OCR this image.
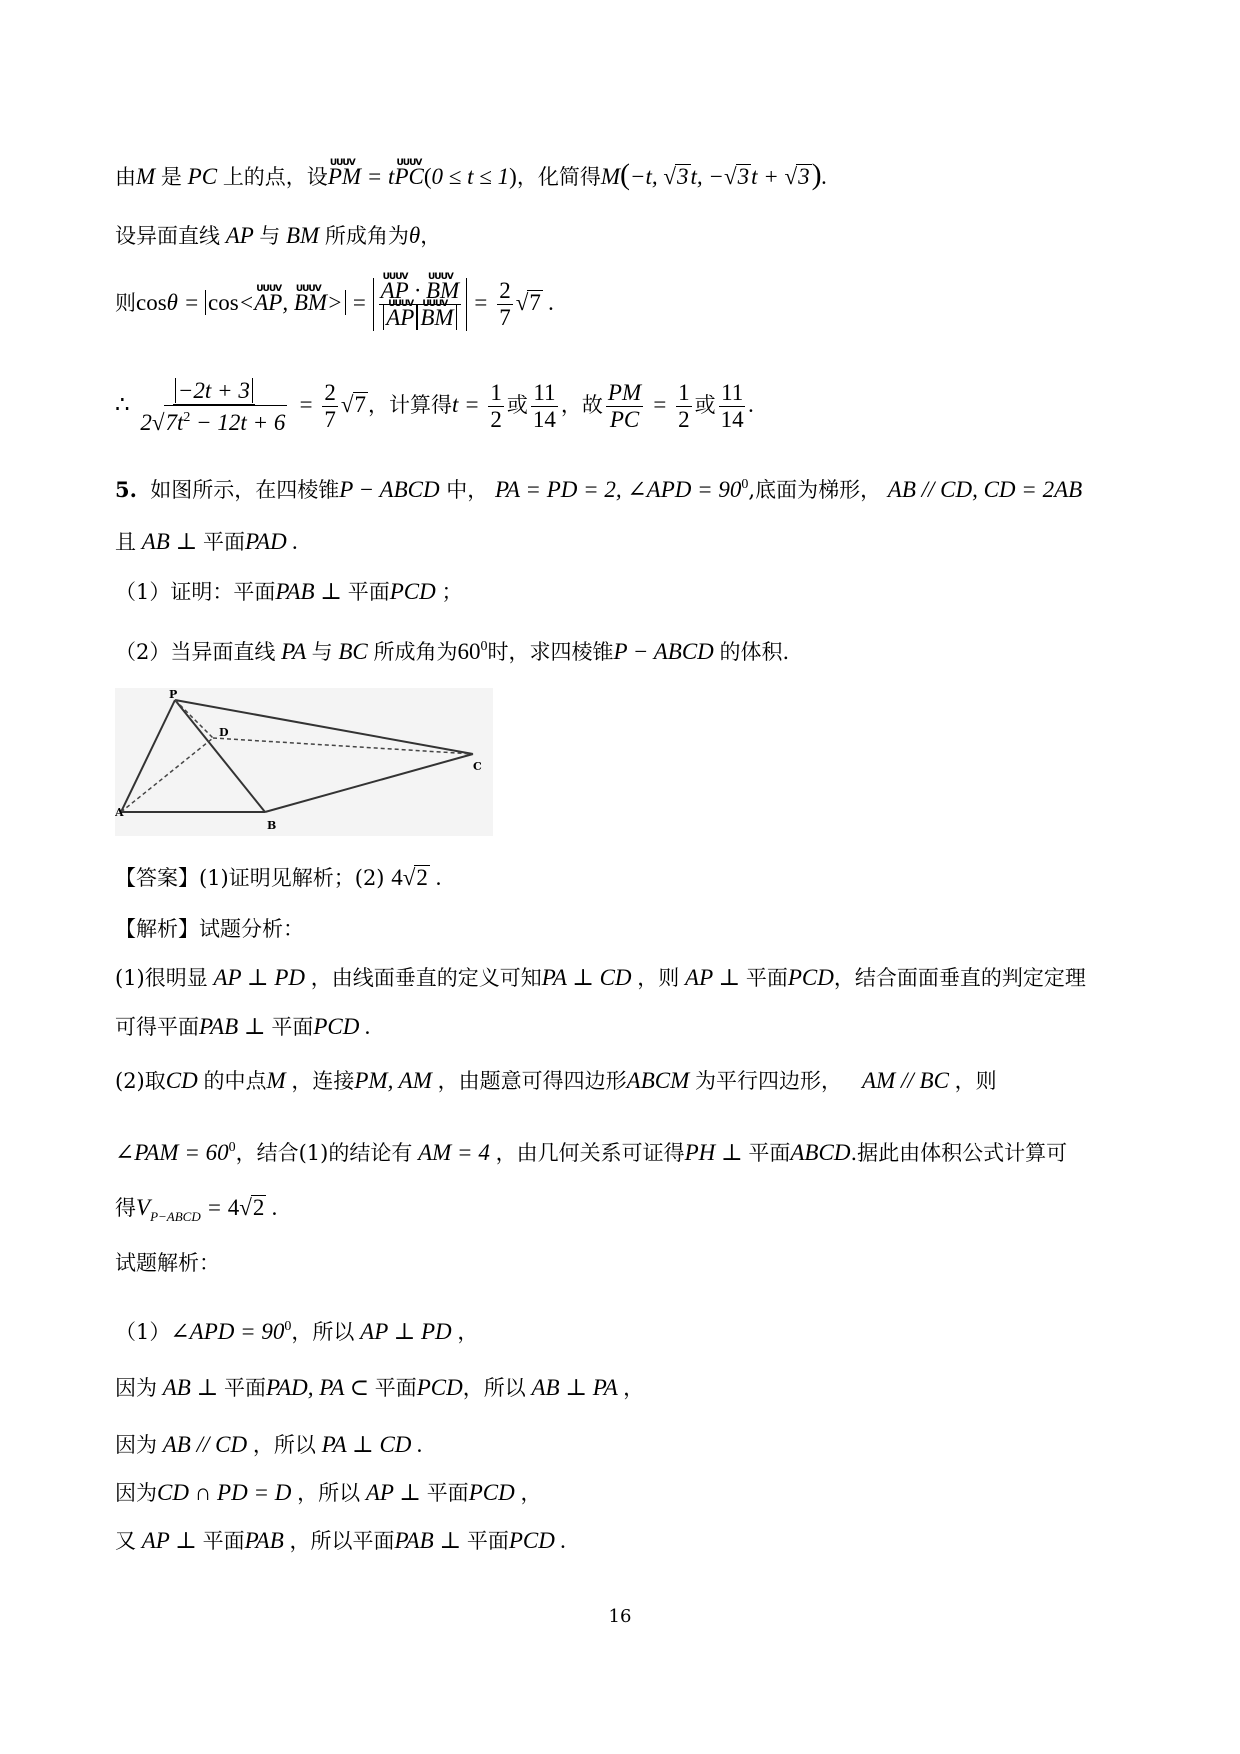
由M 是 PC 上的点，设UUUV PM = tUUUV PC(0 ≤ t ≤ 1)，化简得M(−t, √3t, −√3t + √3).
设异面直线 AP 与 BM 所成角为θ，
则cosθ = cos<UUUV AP, UUUV BM> = UUUV AP · UUUV BM
UUUV AP UUUV BM = $\frac{2}{7} √7$ .
∴ $\frac{-2t + 3}{2√7t^2 - 12t + 6} = \frac{2}{7} √7$，计算得$t = \frac{1}{2}$ 或 $\frac{11}{14}$ ，故 $\frac{PM}{PC} = \frac{1}{2}$ 或 $\frac{11}{14}$ .
5. 如图所示，在四棱锥P − ABCD 中， PA = PD = 2, ∠APD = $90^0$,底面为梯形， AB // CD, CD = 2AB
且 AB ⊥ 平面PAD .
（1）证明：平面PAB ⊥ 平面PCD ；
（2）当异面直线 PA 与 BC 所成角为$60^0$时，求四棱锥P − ABCD 的体积.
P
D
C
A
B
【答案】(1)证明见解析；(2) 4√2 .
【解析】试题分析：
(1)很明显 AP ⊥ PD ，由线面垂直的定义可知PA ⊥ CD ，则 AP ⊥ 平面PCD，结合面面垂直的判定定理
可得平面PAB ⊥ 平面PCD .
(2)取CD 的中点M ，连接PM, AM ，由题意可得四边形ABCM 为平行四边形， AM // BC ，则
∠PAM = $60^0$，结合(1)的结论有 AM = 4 ，由几何关系可证得PH ⊥ 平面ABCD.据此由体积公式计算可
得$V_{P-ABCD} = 4√2$ .
试题解析：
（1）∠APD = $90^0$，所以 AP ⊥ PD ，
因为 AB ⊥ 平面PAD, PA ⊂ 平面PCD，所以 AB ⊥ PA ，
因为 AB // CD ，所以 PA ⊥ CD .
因为CD ∩ PD = D ，所以 AP ⊥ 平面PCD ，
又 AP ⊥ 平面PAB ，所以平面PAB ⊥ 平面PCD .
16
